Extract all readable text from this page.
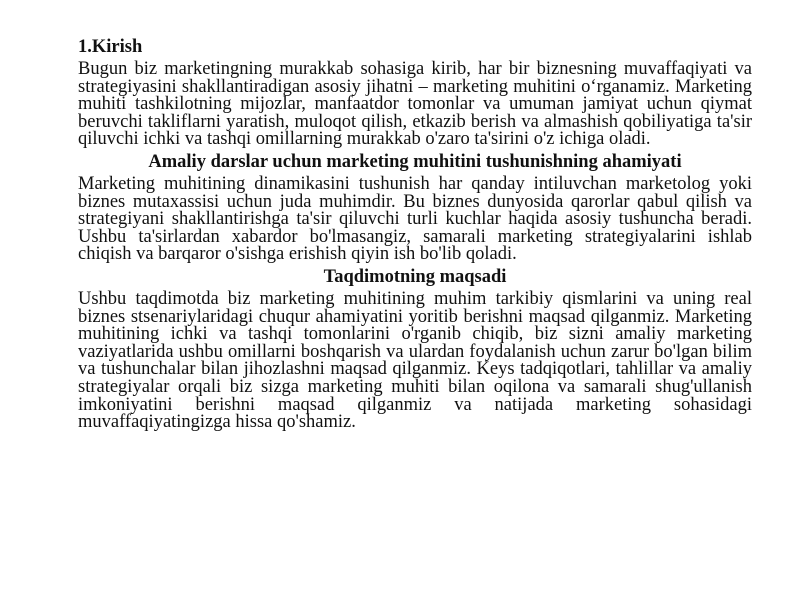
1.Kirish

Bugun biz marketingning murakkab sohasiga kirib, har bir biznesning muvaffaqiyati va strategiyasini shakllantiradigan asosiy jihatni – marketing muhitini o‘rganamiz. Marketing muhiti tashkilotning mijozlar, manfaatdor tomonlar va umuman jamiyat uchun qiymat beruvchi takliflarni yaratish, muloqot qilish, etkazib berish va almashish qobiliyatiga ta'sir qiluvchi ichki va tashqi omillarning murakkab o'zaro ta'sirini o'z ichiga oladi.

Amaliy darslar uchun marketing muhitini tushunishning ahamiyati

Marketing muhitining dinamikasini tushunish har qanday intiluvchan marketolog yoki biznes mutaxassisi uchun juda muhimdir. Bu biznes dunyosida qarorlar qabul qilish va strategiyani shakllantirishga ta'sir qiluvchi turli kuchlar haqida asosiy tushuncha beradi. Ushbu ta'sirlardan xabardor bo'lmasangiz, samarali marketing strategiyalarini ishlab chiqish va barqaror o'sishga erishish qiyin ish bo'lib qoladi.

Taqdimotning maqsadi

Ushbu taqdimotda biz marketing muhitining muhim tarkibiy qismlarini va uning real biznes stsenariylaridagi chuqur ahamiyatini yoritib berishni maqsad qilganmiz. Marketing muhitining ichki va tashqi tomonlarini o'rganib chiqib, biz sizni amaliy marketing vaziyatlarida ushbu omillarni boshqarish va ulardan foydalanish uchun zarur bo'lgan bilim va tushunchalar bilan jihozlashni maqsad qilganmiz. Keys tadqiqotlari, tahlillar va amaliy strategiyalar orqali biz sizga marketing muhiti bilan oqilona va samarali shug'ullanish imkoniyatini berishni maqsad qilganmiz va natijada marketing sohasidagi muvaffaqiyatingizga hissa qo'shamiz.
